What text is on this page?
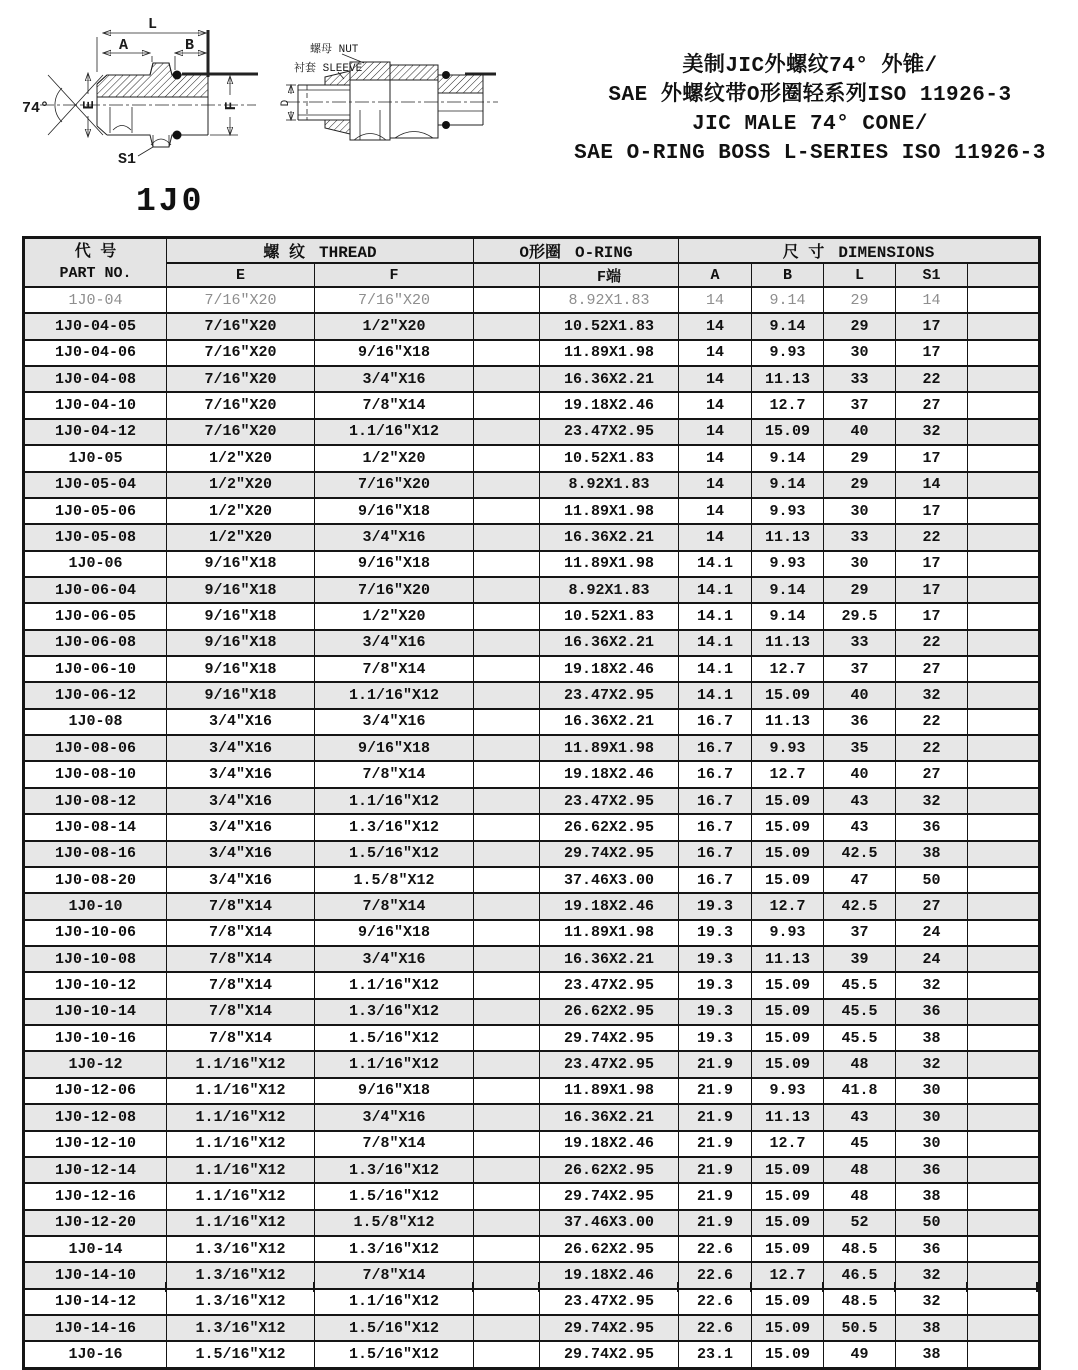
74°
L
A	B
E	F
S1
螺母 NUT
衬套 SLEEVE
D
美制JIC外螺纹74° 外锥/
SAE 外螺纹带O形圈轻系列ISO 11926-3
JIC MALE 74° CONE/
SAE O-RING BOSS L-SERIES ISO 11926-3
1J0
代 号
PART NO.	螺 纹 THREAD		O形圈 O-RING		尺 寸 DIMENSIONS				
	E	F		F端	A	B	L	S1	
1J0-04	7/16″X20	7/16″X20		8.92X1.83	14	9.14	29	14	
1J0-04-05	7/16″X20	1/2″X20		10.52X1.83	14	9.14	29	17	
1J0-04-06	7/16″X20	9/16″X18		11.89X1.98	14	9.93	30	17	
1J0-04-08	7/16″X20	3/4″X16		16.36X2.21	14	11.13	33	22	
1J0-04-10	7/16″X20	7/8″X14		19.18X2.46	14	12.7	37	27	
1J0-04-12	7/16″X20	1.1/16″X12		23.47X2.95	14	15.09	40	32	
1J0-05	1/2″X20	1/2″X20		10.52X1.83	14	9.14	29	17	
1J0-05-04	1/2″X20	7/16″X20		8.92X1.83	14	9.14	29	14	
1J0-05-06	1/2″X20	9/16″X18		11.89X1.98	14	9.93	30	17	
1J0-05-08	1/2″X20	3/4″X16		16.36X2.21	14	11.13	33	22	
1J0-06	9/16″X18	9/16″X18		11.89X1.98	14.1	9.93	30	17	
1J0-06-04	9/16″X18	7/16″X20		8.92X1.83	14.1	9.14	29	17	
1J0-06-05	9/16″X18	1/2″X20		10.52X1.83	14.1	9.14	29.5	17	
1J0-06-08	9/16″X18	3/4″X16		16.36X2.21	14.1	11.13	33	22	
1J0-06-10	9/16″X18	7/8″X14		19.18X2.46	14.1	12.7	37	27	
1J0-06-12	9/16″X18	1.1/16″X12		23.47X2.95	14.1	15.09	40	32	
1J0-08	3/4″X16	3/4″X16		16.36X2.21	16.7	11.13	36	22	
1J0-08-06	3/4″X16	9/16″X18		11.89X1.98	16.7	9.93	35	22	
1J0-08-10	3/4″X16	7/8″X14		19.18X2.46	16.7	12.7	40	27	
1J0-08-12	3/4″X16	1.1/16″X12		23.47X2.95	16.7	15.09	43	32	
1J0-08-14	3/4″X16	1.3/16″X12		26.62X2.95	16.7	15.09	43	36	
1J0-08-16	3/4″X16	1.5/16″X12		29.74X2.95	16.7	15.09	42.5	38	
1J0-08-20	3/4″X16	1.5/8″X12		37.46X3.00	16.7	15.09	47	50	
1J0-10	7/8″X14	7/8″X14		19.18X2.46	19.3	12.7	42.5	27	
1J0-10-06	7/8″X14	9/16″X18		11.89X1.98	19.3	9.93	37	24	
1J0-10-08	7/8″X14	3/4″X16		16.36X2.21	19.3	11.13	39	24	
1J0-10-12	7/8″X14	1.1/16″X12		23.47X2.95	19.3	15.09	45.5	32	
1J0-10-14	7/8″X14	1.3/16″X12		26.62X2.95	19.3	15.09	45.5	36	
1J0-10-16	7/8″X14	1.5/16″X12		29.74X2.95	19.3	15.09	45.5	38	
1J0-12	1.1/16″X12	1.1/16″X12		23.47X2.95	21.9	15.09	48	32	
1J0-12-06	1.1/16″X12	9/16″X18		11.89X1.98	21.9	9.93	41.8	30	
1J0-12-08	1.1/16″X12	3/4″X16		16.36X2.21	21.9	11.13	43	30	
1J0-12-10	1.1/16″X12	7/8″X14		19.18X2.46	21.9	12.7	45	30	
1J0-12-14	1.1/16″X12	1.3/16″X12		26.62X2.95	21.9	15.09	48	36	
1J0-12-16	1.1/16″X12	1.5/16″X12		29.74X2.95	21.9	15.09	48	38	
1J0-12-20	1.1/16″X12	1.5/8″X12		37.46X3.00	21.9	15.09	52	50	
1J0-14	1.3/16″X12	1.3/16″X12		26.62X2.95	22.6	15.09	48.5	36	
1J0-14-10	1.3/16″X12	7/8″X14		19.18X2.46	22.6	12.7	46.5	32	
1J0-14-12	1.3/16″X12	1.1/16″X12		23.47X2.95	22.6	15.09	48.5	32	
1J0-14-16	1.3/16″X12	1.5/16″X12		29.74X2.95	22.6	15.09	50.5	38	
1J0-16	1.5/16″X12	1.5/16″X12		29.74X2.95	23.1	15.09	49	38	
